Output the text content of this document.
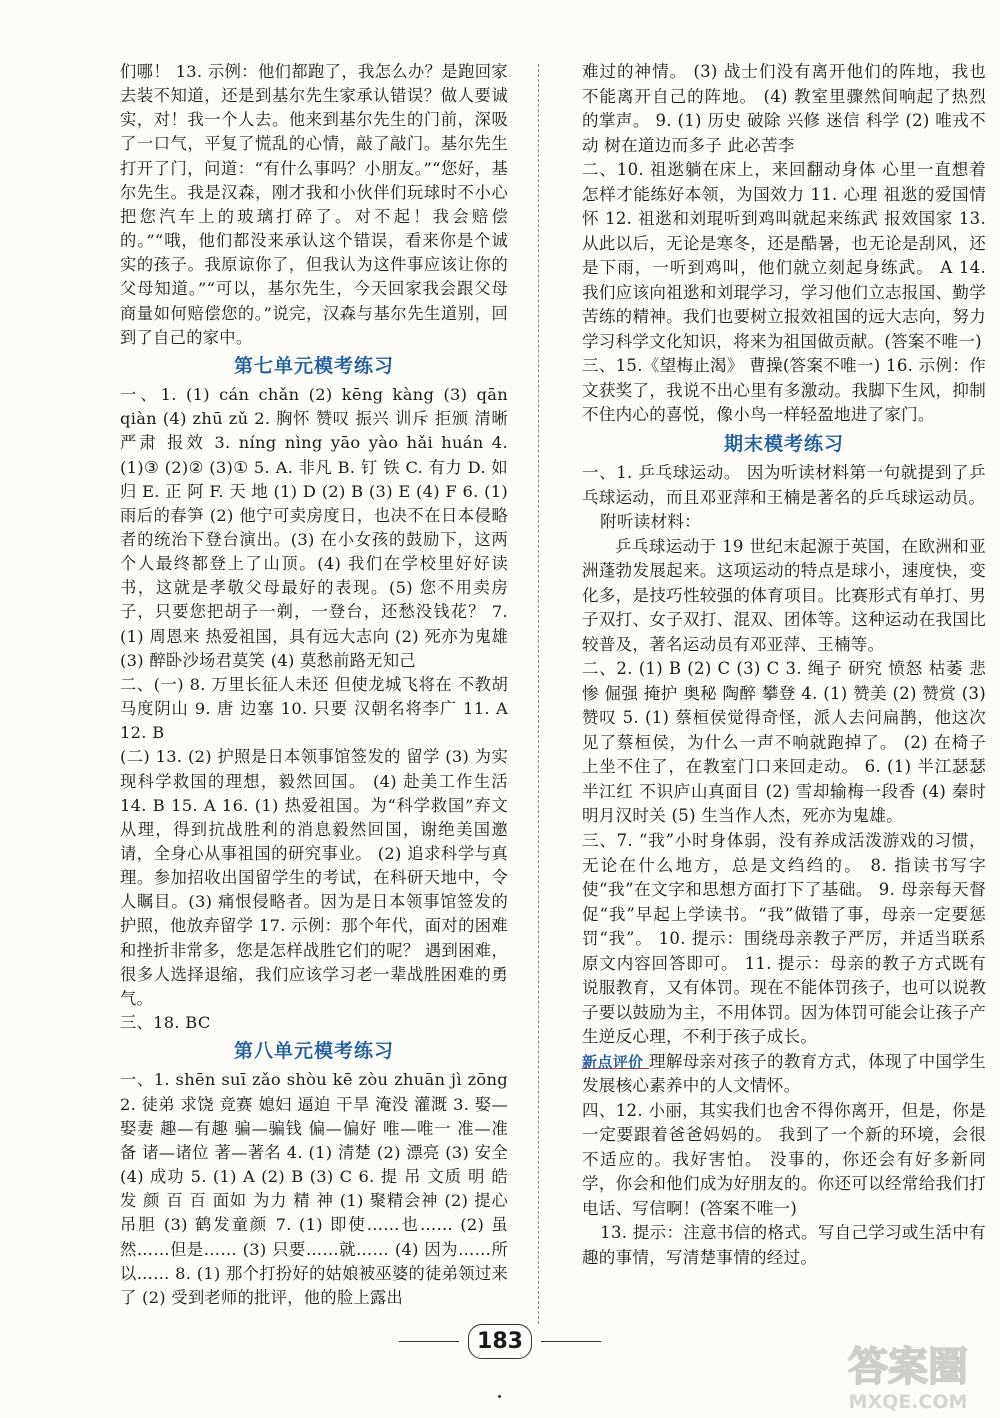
们哪！ 13. 示例：他们都跑了，我怎么办？是跑回家去装不知道，还是到基尔先生家承认错误？做人要诚实，对！我一个人去。他来到基尔先生的门前，深吸了一口气，平复了慌乱的心情，敲了敲门。基尔先生打开了门，问道：“有什么事吗？小朋友。”“您好，基尔先生。我是汉森，刚才我和小伙伴们玩球时不小心把您汽车上的玻璃打碎了。对不起！我会赔偿的。”“哦，他们都没来承认这个错误，看来你是个诚实的孩子。我原谅你了，但我认为这件事应该让你的父母知道。”“可以，基尔先生，今天回家我会跟父母商量如何赔偿您的。”说完，汉森与基尔先生道别，回到了自己的家中。

第七单元模考练习

一、1. (1) cán chǎn (2) kēng kàng (3) qān qiàn (4) zhū zǔ 2. 胸怀 赞叹 振兴 训斥 拒颁 清晰 严肃 报效 3. níng nìng yāo yào hǎi huán 4. (1)③ (2)② (3)① 5. A. 非凡 B. 钉 铁 C. 有力 D. 如归 E. 正 阿 F. 天 地 (1) D (2) B (3) E (4) F 6. (1) 雨后的春笋 (2) 他宁可卖房度日，也决不在日本侵略者的统治下登台演出。(3) 在小女孩的鼓励下，这两个人最终都登上了山顶。(4) 我们在学校里好好读书，这就是孝敬父母最好的表现。(5) 您不用卖房子，只要您把胡子一剃，一登台，还愁没钱花？ 7. (1) 周恩来 热爱祖国，具有远大志向 (2) 死亦为鬼雄 (3) 醉卧沙场君莫笑 (4) 莫愁前路无知己

二、(一) 8. 万里长征人未还 但使龙城飞将在 不教胡马度阴山 9. 唐 边塞 10. 只要 汉朝名将李广 11. A 12. B

(二) 13. (2) 护照是日本领事馆签发的 留学 (3) 为实现科学救国的理想，毅然回国。 (4) 赴美工作生活 14. B 15. A 16. (1) 热爱祖国。为“科学救国”弃文从理，得到抗战胜利的消息毅然回国，谢绝美国邀请，全身心从事祖国的研究事业。 (2) 追求科学与真理。参加招收出国留学生的考试，在科研天地中，令人瞩目。(3) 痛恨侵略者。因为是日本领事馆签发的护照，他放弃留学 17. 示例：那个年代，面对的困难和挫折非常多，您是怎样战胜它们的呢？ 遇到困难，很多人选择退缩，我们应该学习老一辈战胜困难的勇气。

三、18. BC

第八单元模考练习

一、1. shēn suī zǎo shòu kē zòu zhuān jì zōng 2. 徒弟 求饶 竞赛 媳妇 逼迫 干旱 淹没 灌溉 3. 娶—娶妻 趣—有趣 骗—骗钱 偏—偏好 唯—唯一 准—准备 诸—诸位 著—著名 4. (1) 清楚 (2) 漂亮 (3) 安全 (4) 成功 5. (1) A (2) B (3) C 6. 提 吊 文质 明 皓 发 颜 百 百 面如 为力 精 神 (1) 聚精会神 (2) 提心吊胆 (3) 鹤发童颜 7. (1) 即使……也…… (2) 虽然……但是…… (3) 只要……就…… (4) 因为……所以…… 8. (1) 那个打扮好的姑娘被巫婆的徒弟领过来了 (2) 受到老师的批评，他的脸上露出

难过的神情。 (3) 战士们没有离开他们的阵地，我也不能离开自己的阵地。 (4) 教室里骤然间响起了热烈的掌声。 9. (1) 历史 破除 兴修 迷信 科学 (2) 唯戎不动 树在道边而多子 此必苦李

二、10. 祖逖躺在床上，来回翻动身体 心里一直想着怎样才能练好本领，为国效力 11. 心理 祖逖的爱国情怀 12. 祖逖和刘琨听到鸡叫就起来练武 报效国家 13. 从此以后，无论是寒冬，还是酷暑，也无论是刮风，还是下雨，一听到鸡叫，他们就立刻起身练武。 A 14. 我们应该向祖逖和刘琨学习，学习他们立志报国、勤学苦练的精神。我们也要树立报效祖国的远大志向，努力学习科学文化知识，将来为祖国做贡献。(答案不唯一)

三、15.《望梅止渴》 曹操(答案不唯一) 16. 示例：作文获奖了，我说不出心里有多激动。我脚下生风，抑制不住内心的喜悦，像小鸟一样轻盈地进了家门。

期末模考练习

一、1. 乒乓球运动。 因为听读材料第一句就提到了乒乓球运动，而且邓亚萍和王楠是著名的乒乓球运动员。

附听读材料：

乒乓球运动于 19 世纪末起源于英国，在欧洲和亚洲蓬勃发展起来。这项运动的特点是球小，速度快，变化多，是技巧性较强的体育项目。比赛形式有单打、男子双打、女子双打、混双、团体等。这种运动在我国比较普及，著名运动员有邓亚萍、王楠等。

二、2. (1) B (2) C (3) C 3. 绳子 研究 愤怒 枯萎 悲惨 倔强 掩护 奥秘 陶醉 攀登 4. (1) 赞美 (2) 赞赏 (3) 赞叹 5. (1) 蔡桓侯觉得奇怪，派人去问扁鹊，他这次见了蔡桓侯，为什么一声不响就跑掉了。 (2) 在椅子上坐不住了，在教室门口来回走动。 6. (1) 半江瑟瑟半江红 不识庐山真面目 (2) 雪却输梅一段香 (4) 秦时明月汉时关 (5) 生当作人杰，死亦为鬼雄。

三、7. “我”小时身体弱，没有养成活泼游戏的习惯，无论在什么地方，总是文绉绉的。 8. 指读书写字使“我”在文字和思想方面打下了基础。 9. 母亲每天督促“我”早起上学读书。“我”做错了事，母亲一定要惩罚“我”。 10. 提示：围绕母亲教子严厉，并适当联系原文内容回答即可。 11. 提示：母亲的教子方式既有说服教育，又有体罚。现在不能体罚孩子，也可以说教子要以鼓励为主，不用体罚。因为体罚可能会让孩子产生逆反心理，不利于孩子成长。

新点评价 理解母亲对孩子的教育方式，体现了中国学生发展核心素养中的人文情怀。

四、12. 小丽，其实我们也舍不得你离开，但是，你是一定要跟着爸爸妈妈的。 我到了一个新的环境，会很不适应的。我好害怕。 没事的，你还会有好多新同学，你会和他们成为好朋友的。你还可以经常给我们打电话、写信啊！(答案不唯一)

13. 提示：注意书信的格式。写自己学习或生活中有趣的事情，写清楚事情的经过。

183
答案圈
MXQE.COM
